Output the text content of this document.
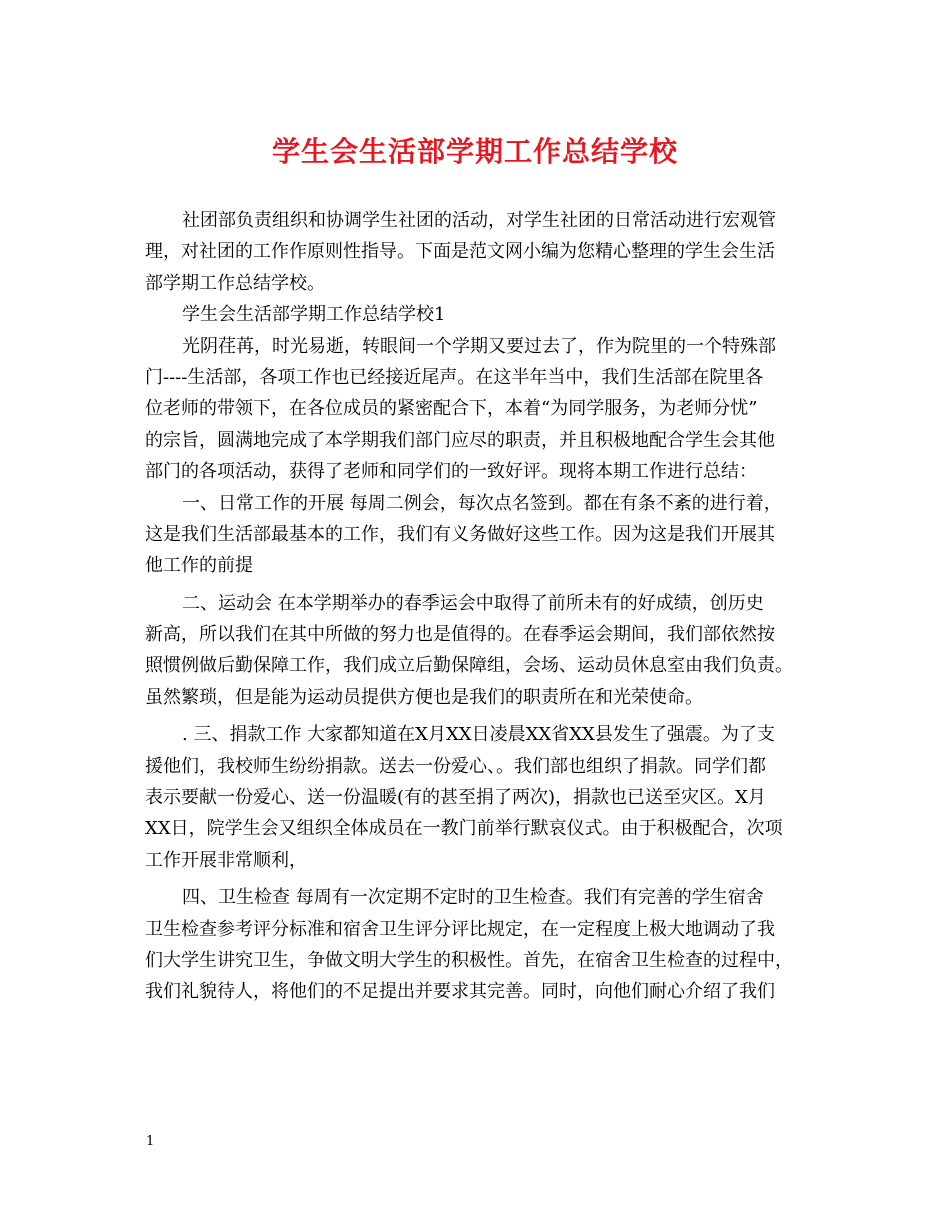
学生会生活部学期工作总结学校
社团部负责组织和协调学生社团的活动，对学生社团的日常活动进行宏观管
理，对社团的工作作原则性指导。下面是范文网小编为您精心整理的学生会生活
部学期工作总结学校。
学生会生活部学期工作总结学校1
光阴荏苒，时光易逝，转眼间一个学期又要过去了，作为院里的一个特殊部
门----生活部，各项工作也已经接近尾声。在这半年当中，我们生活部在院里各
位老师的带领下，在各位成员的紧密配合下，本着“为同学服务，为老师分忧”
的宗旨，圆满地完成了本学期我们部门应尽的职责，并且积极地配合学生会其他
部门的各项活动，获得了老师和同学们的一致好评。现将本期工作进行总结：
一、日常工作的开展 每周二例会，每次点名签到。都在有条不紊的进行着，
这是我们生活部最基本的工作，我们有义务做好这些工作。因为这是我们开展其
他工作的前提
二、运动会 在本学期举办的春季运会中取得了前所未有的好成绩，创历史
新高，所以我们在其中所做的努力也是值得的。在春季运会期间，我们部依然按
照惯例做后勤保障工作，我们成立后勤保障组，会场、运动员休息室由我们负责。
虽然繁琐，但是能为运动员提供方便也是我们的职责所在和光荣使命。
. 三、捐款工作 大家都知道在X月XX日凌晨XX省XX县发生了强震。为了支
援他们，我校师生纷纷捐款。送去一份爱心、。我们部也组织了捐款。同学们都
表示要献一份爱心、送一份温暖(有的甚至捐了两次)，捐款也已送至灾区。X月
XX日，院学生会又组织全体成员在一教门前举行默哀仪式。由于积极配合，次项
工作开展非常顺利，
四、卫生检查 每周有一次定期不定时的卫生检查。我们有完善的学生宿舍
卫生检查参考评分标准和宿舍卫生评分评比规定，在一定程度上极大地调动了我
们大学生讲究卫生，争做文明大学生的积极性。首先，在宿舍卫生检查的过程中，
我们礼貌待人，将他们的不足提出并要求其完善。同时，向他们耐心介绍了我们
1
